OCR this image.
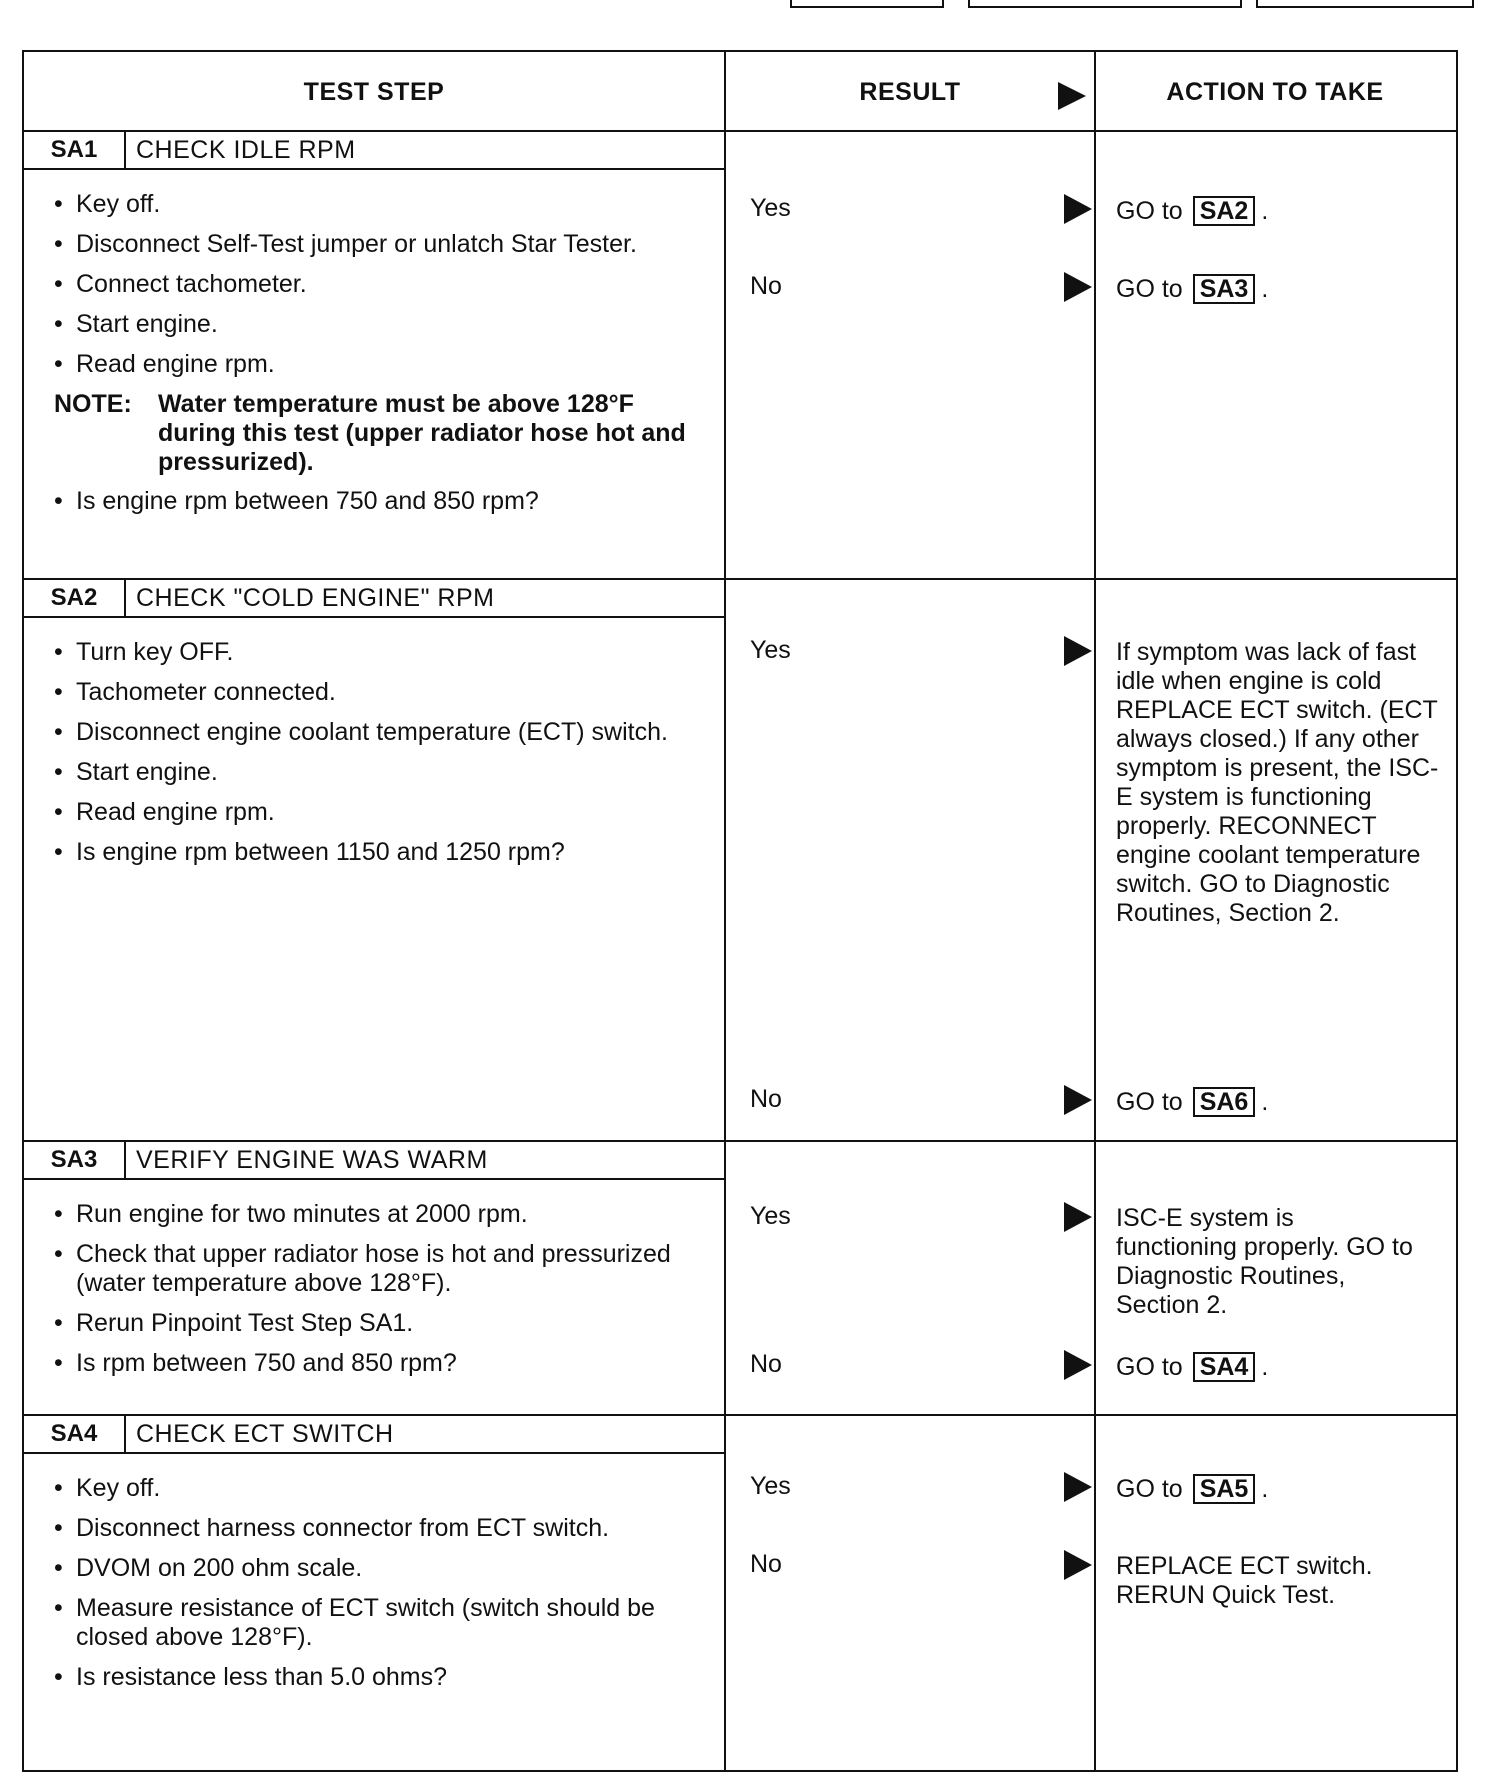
TEST STEP	RESULT	ACTION TO TAKE
SA1	CHECK IDLE RPM
• Key off.
• Disconnect Self-Test jumper or unlatch Star Tester.
• Connect tachometer.
• Start engine.
• Read engine rpm.
NOTE:	Water temperature must be above 128°F during this test (upper radiator hose hot and pressurized).
• Is engine rpm between 750 and 850 rpm?
Yes	GO to SA2 .
No	GO to SA3 .
SA2	CHECK "COLD ENGINE" RPM
• Turn key OFF.
• Tachometer connected.
• Disconnect engine coolant temperature (ECT) switch.
• Start engine.
• Read engine rpm.
• Is engine rpm between 1150 and 1250 rpm?
Yes	If symptom was lack of fast idle when engine is cold REPLACE ECT switch. (ECT always closed.) If any other symptom is present, the ISC-E system is functioning properly. RECONNECT engine coolant temperature switch. GO to Diagnostic Routines, Section 2.
No	GO to SA6 .
SA3	VERIFY ENGINE WAS WARM
• Run engine for two minutes at 2000 rpm.
• Check that upper radiator hose is hot and pressurized (water temperature above 128°F).
• Rerun Pinpoint Test Step SA1.
• Is rpm between 750 and 850 rpm?
Yes	ISC-E system is functioning properly. GO to Diagnostic Routines, Section 2.
No	GO to SA4 .
SA4	CHECK ECT SWITCH
• Key off.
• Disconnect harness connector from ECT switch.
• DVOM on 200 ohm scale.
• Measure resistance of ECT switch (switch should be closed above 128°F).
• Is resistance less than 5.0 ohms?
Yes	GO to SA5 .
No	REPLACE ECT switch. RERUN Quick Test.
